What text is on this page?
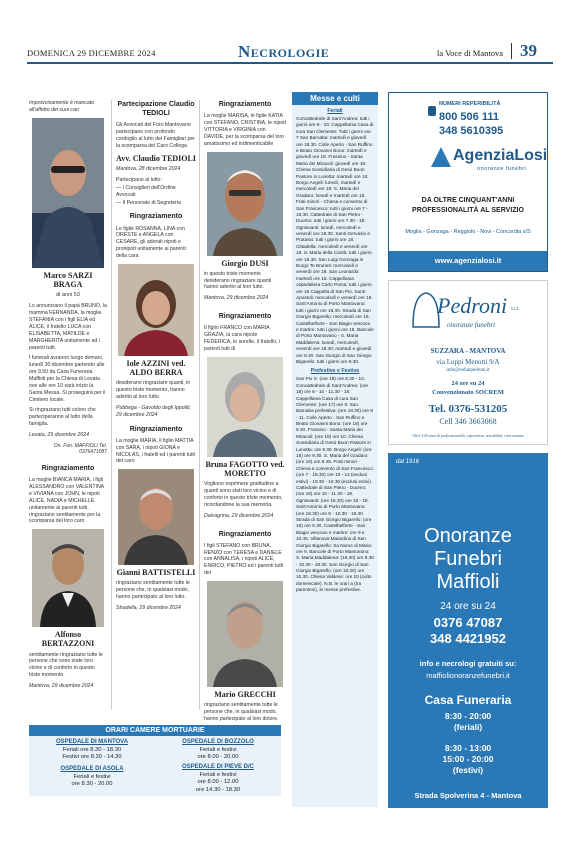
DOMENICA 29 DICEMBRE 2024	Necrologie	la Voce di Mantova 39

Improvvisamente è mancato all'affetto dei suoi cari

Marco SARZI BRAGA
di anni 53

Lo annunciano il papà BRUNO, la mamma FERNANDA, la moglie STEFANIA con i figli ELIA ed ALICE, il fratello LUCA con ELISABETTA, MATILDE e MARGHERITA unitamente ad i parenti tutti.

I funerali avranno luogo domani, lunedì 30 dicembre partendo alle ore 9.50 da Casa Funeraria Maffioli per la Chiesa di Levata ove alle ore 10 sarà inizio la Santa Messa. Si proseguirà per il Cimitero locale.

Si ringraziano tutti coloro che parteciperanno al lutto della famiglia.

Levata, 29 dicembre 2024

On. Fun. MAFFIOLI Tel. 0376471087

Ringraziamento

La moglie BIANCA MARIA, i figli ALESSANDRO con VALENTINA e VIVIANA con JOHN, le nipoti ALICE, NADIA e MICHELLE, unitamente ai parenti tutti, ringraziano sentitamente per la scomparsa del loro caro

Alfonso BERTAZZONI

sentitamente ringraziano tutte le persone che sono state loro vicine e di conforto in questo triste momento.

Mantova, 29 dicembre 2024

Partecipazione Claudio TEDIOLI

Gli Avvocati del Foro Mantovano partecipano con profondo cordoglio al lutto dei Famigliari per la scomparsa del Caro Collega

Avv. Claudio TEDIOLI

Mantova, 28 dicembre 2024

Partecipano al lutto:

— I Consiglieri dell'Ordine Avvocati

— Il Personale di Segreteria

Ringraziamento

Le figlie ROSANNA, LINA con ORESTE e ANGELA con CESARE, gli adorati nipoti e pronipoti unitamente ai parenti della cara

Iole AZZINI ved. ALDO BERRA

desiderano ringraziare quanti, in questo triste momento, hanno aderito al loro lutto.

Pubbega - Gavoldo degli Ippoliti, 29 dicembre 2024

Ringraziamento

La moglie MARIA, il figlio MATTIA con SARA, i nipoti GIONA e NICOLAS, i fratelli ed i parenti tutti del caro

Gianni BATTISTELLI

ringraziano sentitamente tutte le persone che, in qualsiasi modo, hanno partecipato al loro lutto.

Stradella, 29 dicembre 2024

Ringraziamento

La moglie MARISA, le figlie KATIA con STEFANO, CRISTINA, le nipoti VITTORIA e VIRGINIA con DAVIDE, per la scomparsa del loro amatissimo ed indimenticabile

Giorgio DUSI

in questo triste momento desiderano ringraziare quanti hanno aderito al loro lutto.

Mantova, 29 dicembre 2024

Ringraziamento

Il figlio FRANCO con MARIA GRAZIA, la cara nipote FEDERICA, le sorelle, il fratello, i parenti tutti di

Bruna FAGOTTO ved. MORETTO

Vogliono esprimere gratitudine a quanti sono stati loro vicino e di conforto in questo triste momento, ricordandone la sua memoria.

Dalvagrina, 29 dicembre 2024

Ringraziamento

I figli STEFANO con BRUNA, RENZO con TERESA e DANIELE con ANNALISA, i nipoti ALICE, ENRICO, PIETRO ed i parenti tutti del

Mario GRECCHI

ringraziano sentitamente tutte le persone che, in qualsiasi modo, hanno partecipato al loro dolore.

ORARI CAMERE MORTUARIE
OSPEDALE DI MANTOVA
Feriali ore 8.30 - 18.30
Festivi ore 8.30 - 14.30
OSPEDALE DI BOZZOLO
Feriali e festivi
ore 8.00 - 20.00
OSPEDALE DI ASOLA
Feriali e festivi
ore 8.30 - 20.00
OSPEDALE DI PIEVE D/C
Feriali e festivi
ore 8.00 - 12.00
ore 14.30 - 18.30
Messe e culti
Feriali

Concattedrale di Sant'Andrea: tutti i giorni ore 8 - 10. Cappellania Casa di cura San Clemente: Tutti i giorni ore 7 San Barnaba: martedì e giovedì ore 18.30. Colle Aperto - San Ruffino e Beato Giovanni Bono: martedì e giovedì ore 18. Frassino - Santa Maria dei Miracoli: giovedì ore 18. Chiesa Sussidiaria di Gesù Buon Pastore in Lunetta: martedì ore 18. Borgo Angeli: lunedì, martedì e mercoledì ore 18. S. Maria del Gradaro: lunedì e martedì ore 18. Frati minori - Chiesa e convento di San Francesco: tutti i giorni ore 7 - 18.30. Cattedrale di San Pietro - Duomo: tutti i giorni ore 7.30 - 18. Ognissanti: lunedì, mercoledì e venerdì ore 18.30. Santi Gervasio e Protasio: tutti i giorni ore 18. Cittadella: mercoledì e venerdì ore 18. S. Maria della Carità: tutti i giorni ore 18.30. San Luigi Gonzaga in Borgo Te Bruneti: mercoledì e venerdì ore 18. San Leonardo: martedì ore 18. Cappellania ospedaliera Carlo Poma: tutti i giorni ore 16 Cappella di San Pio. Santi Apostoli: mercoledì e venerdì ore 18. Sant'Antonio di Porto Mantovano: tutti i giorni ore 18.30. Strada di San Giorgio Bigarello: mercoledì ore 18. Castelbelforte - San Biagio vescovo e martire: tutti i giorni ore 18. Bancole di Porto Mantovano - S. Maria Maddalena: lunedì, mercoledì, venerdì ore 18.30; martedì e giovedì ore 8.30. San Giorgio di San Giorgio Bigarello: tutti i giorni ore 8.30.

Prefestive e Festive

San Pio X: (ore 18) ore 8.30 - 10. Concattedrale di Sant'Andrea: (ore 18) ore 8 - 10 - 11.30 - 18. Cappellania Casa di cura San Clemente: (ore 17) ore 9. San Barnaba prefestiva: (ore 18.30) ore 8 - 11. Colle Aperto - San Ruffino e Beato Giovanni Bono: (ore 18) ore 9.30. Frassino - Santa Maria dei Miracoli: (ore 18) ore 10. Chiesa Sussidiaria di Gesù Buon Pastore in Lunetta: ore 9.30. Borgo Angeli: (ore 18) ore 9.30. S. Maria del Gradaro: (ore 18) ore 8.45. Frati minori - Chiesa e convento di San Francesco: (ore 7 - 18.30) ore 10 - 12 (esclusi estivi) - 18.30 - 19.30 (esclusi estivi). Cattedrale di San Pietro - Duomo: (ore 18) ore 10 - 11.30 - 18. Ognissanti: (ore 18.30) ore 10 - 18. Sant'Antonio di Porto Mantovano: (ore 18.30) ore 8 - 10.30 - 18.30. Strada di San Giorgio Bigarello: (ore 18) ore 9.30. Castelbelforte - San Biagio vescovo e martire: ore 9 e 10.45. Villanova Maiardina di San Giorgio Bigarello: Sa Nome di Maria: ore 9. Bancole di Porto Mantovano: S. Maria Maddalena: (18.30) ore 8.30 - 10.30 - 18.30. San Giorgio di San Giorgio Bigarello: (ore 18.30) ore 10.30. Chiesa Valdese: ore 10 (culto domenicale). N.B. le orari a (tra parentesi), le messe prefestive.

NUMERI REPERIBILITÀ
800 506 111
348 5610395
AgenziaLosi
onoranze funebri
DA OLTRE CINQUANT'ANNI
PROFESSIONALITÀ AL SERVIZIO
Moglia - Gonzaga - Reggiolo - Novi - Concordia s/S
www.agenzialosi.it
Pedroni s.r.l.
onoranze funebri
SUZZARA - MANTOVA
via Luppi Menotti 9/A
info@onfanpedroni.it
24 ore su 24
Convenzionato SOCREM
Tel. 0376-531205
Cell 346 3663068
Oltre 100 anni di professionalità, esperienza, sensibilità, riservatezza
dal 1916
Onoranze
Funebri
Maffioli
24 ore su 24
0376 47087
348 4421952
info e necrologi gratuiti su:
maffiolionoranzefunebri.it
Casa Funeraria
8:30 - 20:00
(feriali)
8:30 - 13:00
15:00 - 20:00
(festivi)
Strada Spolverina 4 - Mantova
